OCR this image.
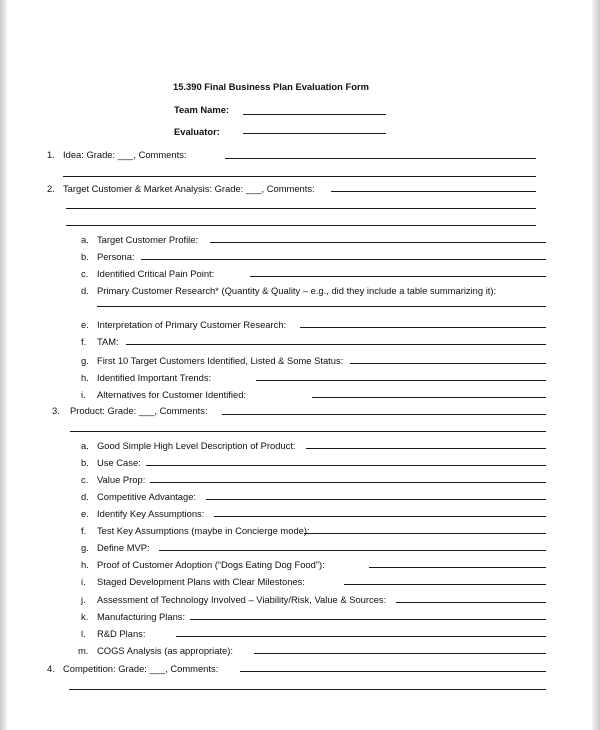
15.390 Final Business Plan Evaluation Form
Team Name:
Evaluator:
1. Idea: Grade: ___, Comments:
2. Target Customer & Market Analysis: Grade: ___, Comments:
a. Target Customer Profile:
b. Persona:
c. Identified Critical Pain Point:
d. Primary Customer Research* (Quantity & Quality – e.g., did they include a table summarizing it):
e. Interpretation of Primary Customer Research:
f. TAM:
g. First 10 Target Customers Identified, Listed & Some Status:
h. Identified Important Trends:
i. Alternatives for Customer Identified:
3. Product: Grade: ___, Comments:
a. Good Simple High Level Description of Product:
b. Use Case:
c. Value Prop:
d. Competitive Advantage:
e. Identify Key Assumptions:
f. Test Key Assumptions (maybe in Concierge mode):
g. Define MVP:
h. Proof of Customer Adoption (“Dogs Eating Dog Food”):
i. Staged Development Plans with Clear Milestones:
j. Assessment of Technology Involved – Viability/Risk, Value & Sources:
k. Manufacturing Plans:
l. R&D Plans:
m. COGS Analysis (as appropriate):
4. Competition: Grade: ___, Comments:
